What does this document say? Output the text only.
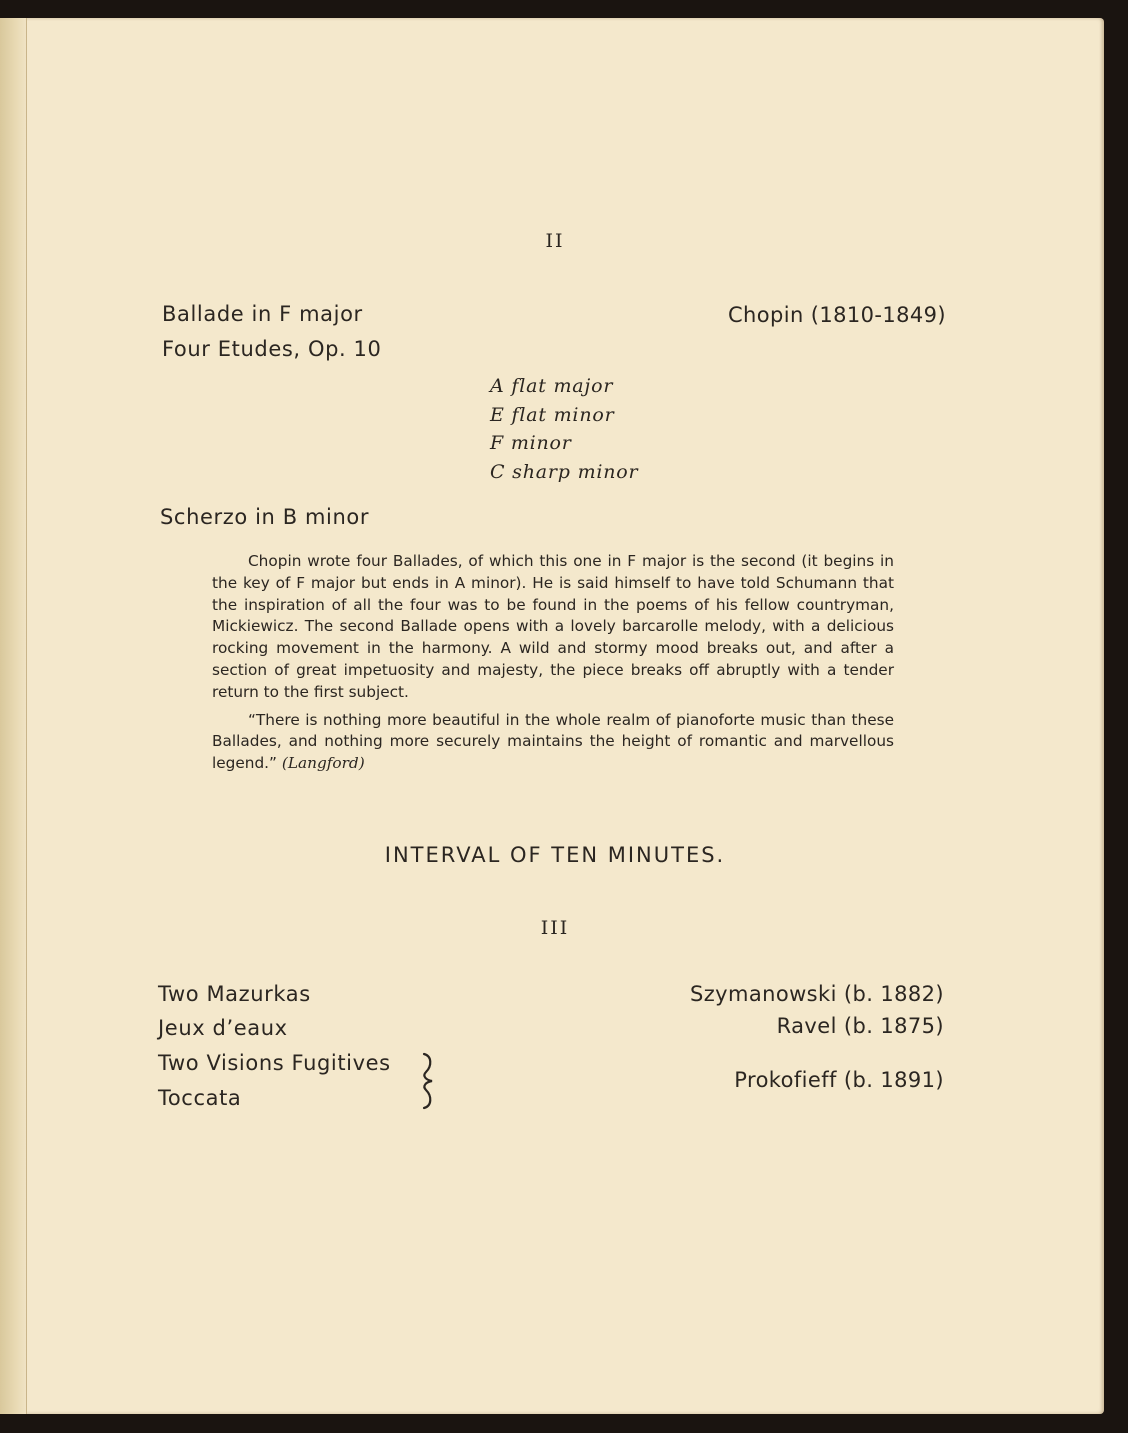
II
Ballade in F major
Four Etudes, Op. 10
Chopin (1810-1849)
A flat major
E flat minor
F minor
C sharp minor
Scherzo in B minor

Chopin wrote four Ballades, of which this one in F major is the second (it begins in the key of F major but ends in A minor). He is said himself to have told Schumann that the inspiration of all the four was to be found in the poems of his fellow countryman, Mickiewicz. The second Ballade opens with a lovely barcarolle melody, with a delicious rocking movement in the harmony. A wild and stormy mood breaks out, and after a section of great impetuosity and majesty, the piece breaks off abruptly with a tender return to the first subject.

“There is nothing more beautiful in the whole realm of pianoforte music than these Ballades, and nothing more securely maintains the height of romantic and marvellous legend.” (Langford)

INTERVAL OF TEN MINUTES.
III
Two Mazurkas
Jeux d’eaux
Two Visions Fugitives
Toccata
Szymanowski (b. 1882)
Ravel (b. 1875)
Prokofieff (b. 1891)
